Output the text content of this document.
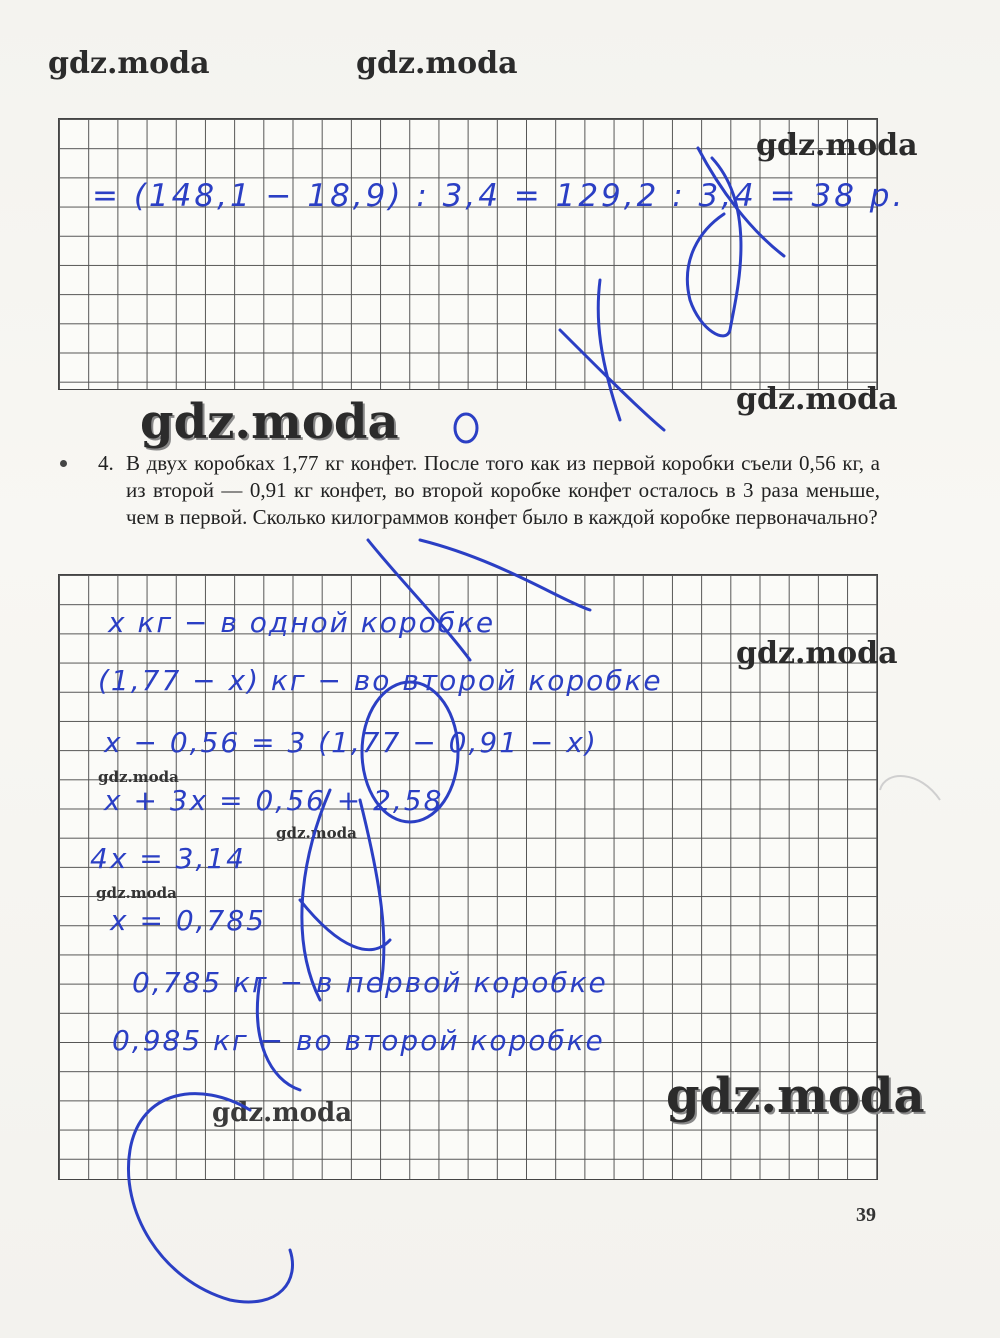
gdz.moda	gdz.moda
gdz.moda
gdz.moda
gdz.moda
gdz.moda
gdz.moda
gdz.moda
gdz.moda
gdz.moda	gdz.moda
= (148,1 − 18,9) : 3,4 = 129,2 : 3,4 = 38 р.
4. В двух коробках 1,77 кг конфет. После того как из первой коробки съели 0,56 кг, а из второй — 0,91 кг конфет, во второй коробке конфет осталось в 3 раза меньше, чем в первой. Сколько килограммов конфет было в каждой коробке первоначально?
x кг − в одной коробке
(1,77 − x) кг − во второй коробке
x − 0,56 = 3 (1,77 − 0,91 − x)
x + 3x = 0,56 + 2,58
4x = 3,14
x = 0,785
0,785 кг − в первой коробке
0,985 кг − во второй коробке
39
